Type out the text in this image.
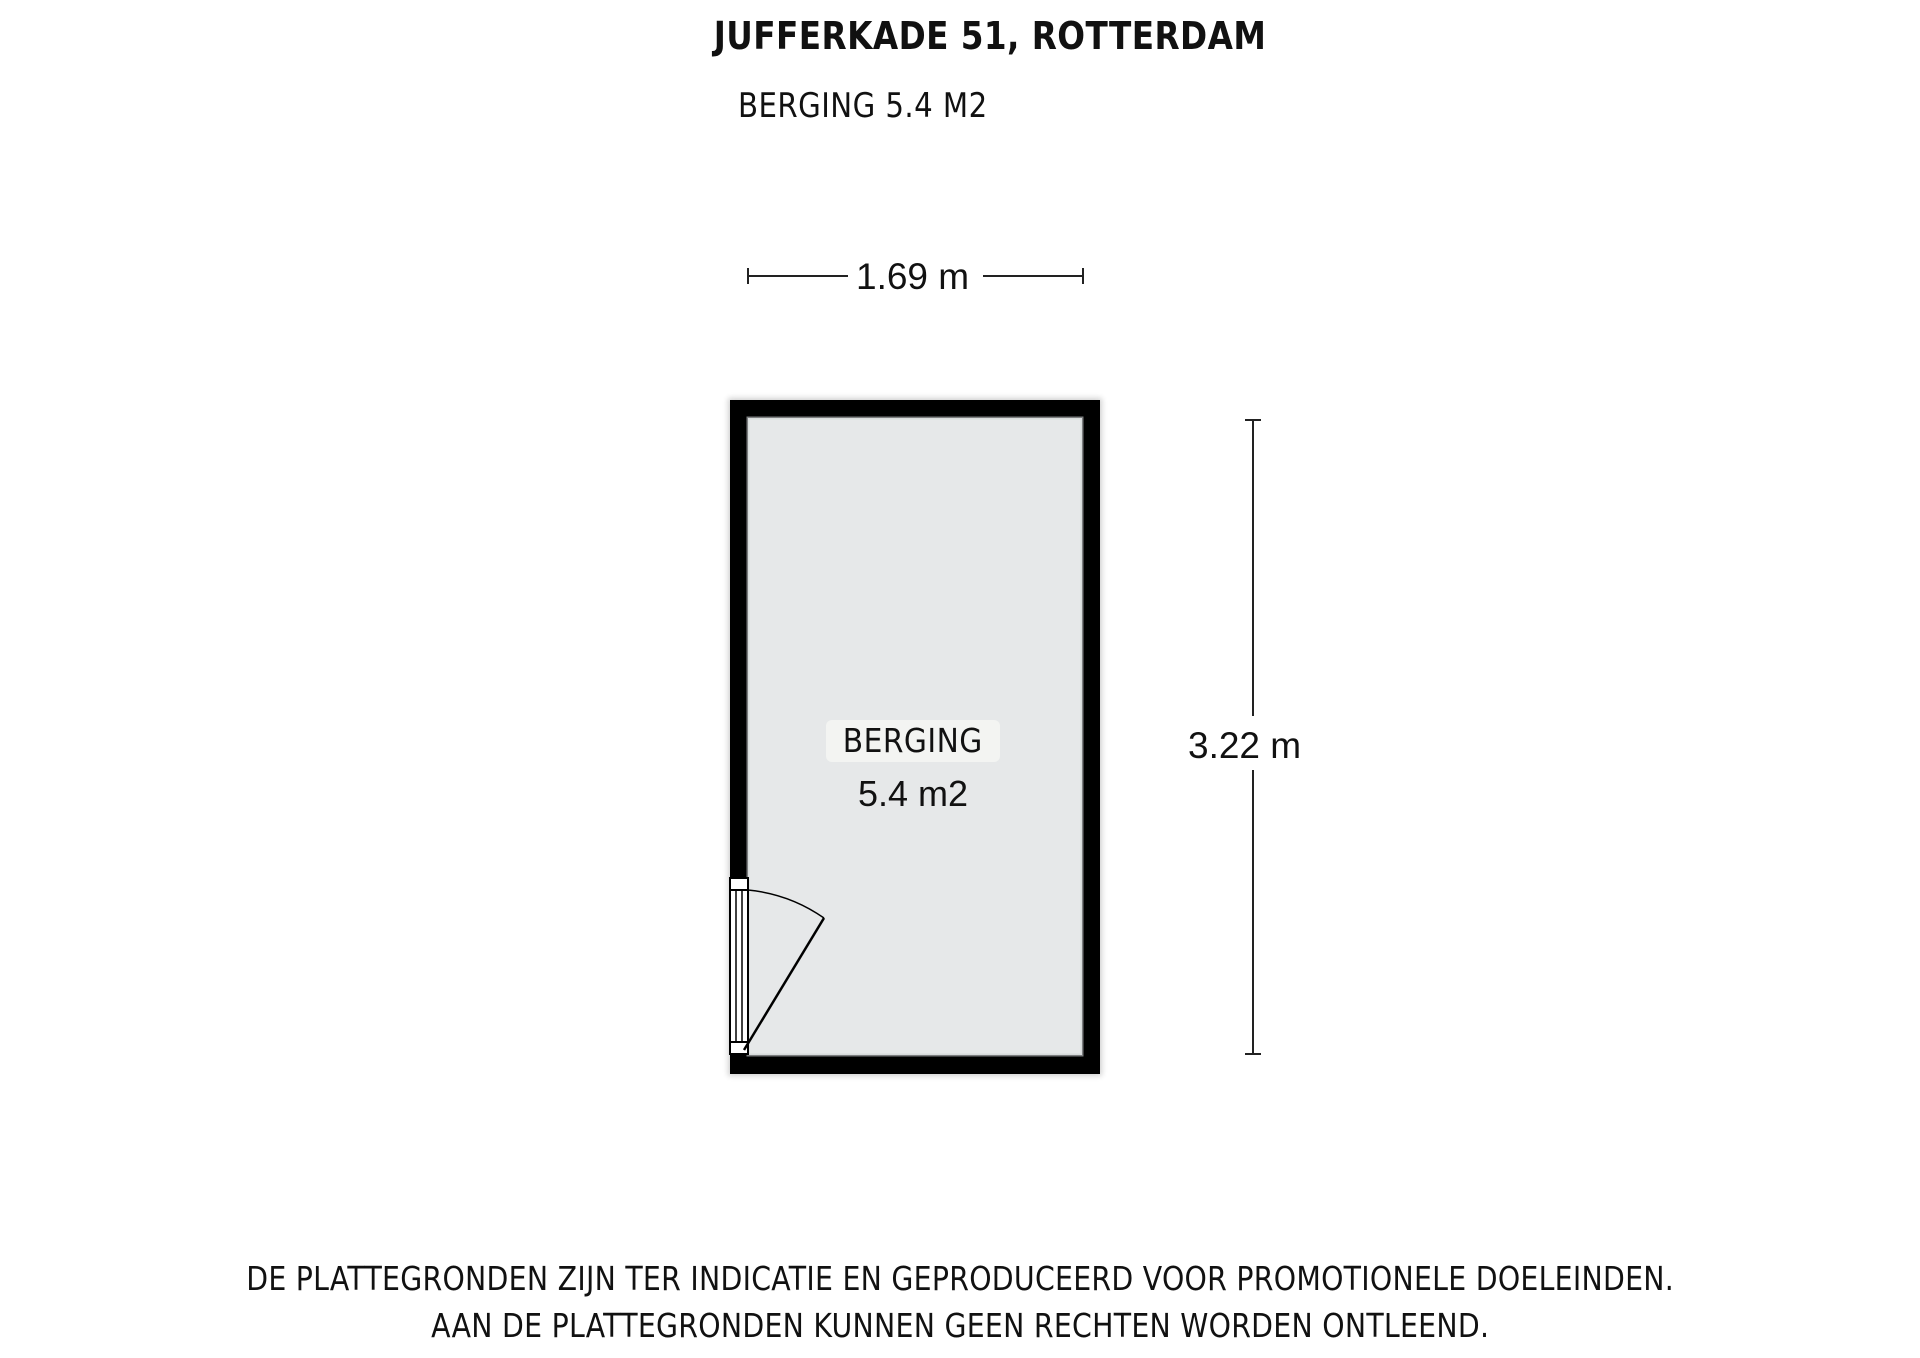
JUFFERKADE 51, ROTTERDAM
BERGING 5.4 M2
1.69 m
3.22 m
BERGING
5.4 m2
DE PLATTEGRONDEN ZIJN TER INDICATIE EN GEPRODUCEERD VOOR PROMOTIONELE DOELEINDEN.
AAN DE PLATTEGRONDEN KUNNEN GEEN RECHTEN WORDEN ONTLEEND.
